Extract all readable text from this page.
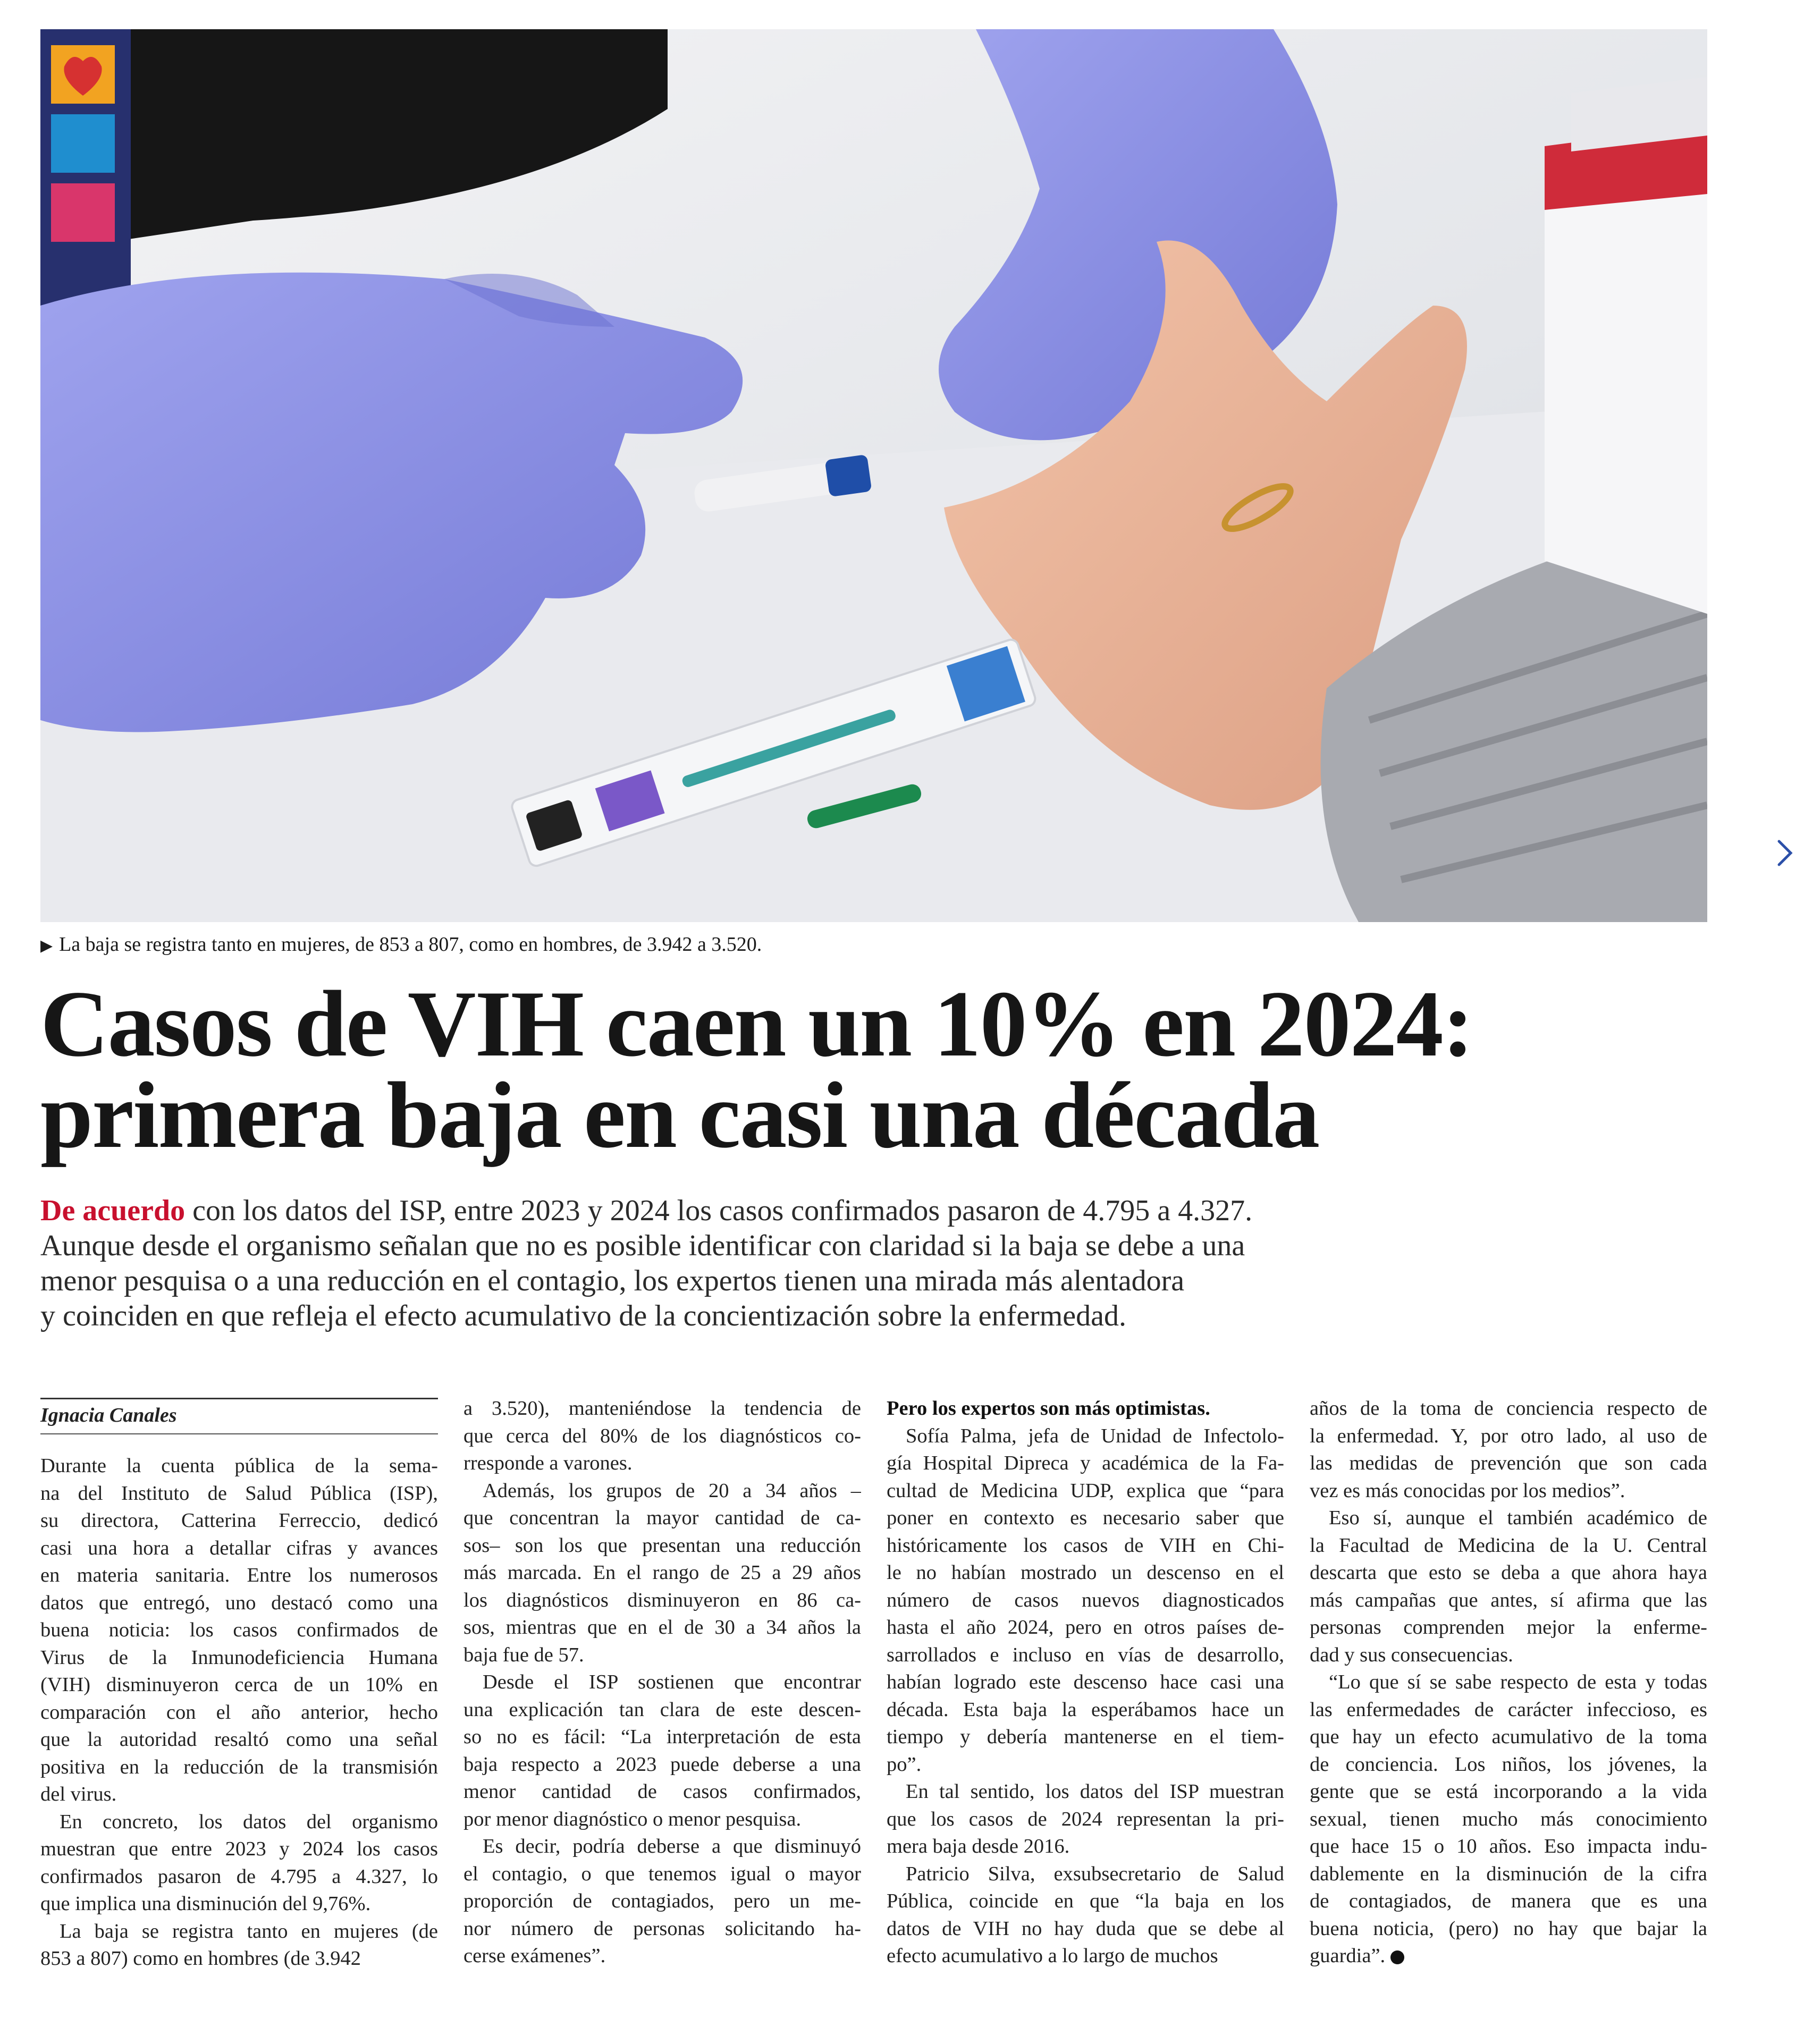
▶ La baja se registra tanto en mujeres, de 853 a 807, como en hombres, de 3.942 a 3.520.
Casos de VIH caen un 10% en 2024:
primera baja en casi una década
De acuerdo con los datos del ISP, entre 2023 y 2024 los casos confirmados pasaron de 4.795 a 4.327.
Aunque desde el organismo señalan que no es posible identificar con claridad si la baja se debe a una
menor pesquisa o a una reducción en el contagio, los expertos tienen una mirada más alentadora
y coinciden en que refleja el efecto acumulativo de la concientización sobre la enfermedad.
Ignacia Canales
Durante la cuenta pública de la sema-
na del Instituto de Salud Pública (ISP),
su directora, Catterina Ferreccio, dedicó
casi una hora a detallar cifras y avances
en materia sanitaria. Entre los numerosos
datos que entregó, uno destacó como una
buena noticia: los casos confirmados de
Virus de la Inmunodeficiencia Humana
(VIH) disminuyeron cerca de un 10% en
comparación con el año anterior, hecho
que la autoridad resaltó como una señal
positiva en la reducción de la transmisión
del virus.
En concreto, los datos del organismo
muestran que entre 2023 y 2024 los casos
confirmados pasaron de 4.795 a 4.327, lo
que implica una disminución del 9,76%.
La baja se registra tanto en mujeres (de
853 a 807) como en hombres (de 3.942
a 3.520), manteniéndose la tendencia de
que cerca del 80% de los diagnósticos co-
rresponde a varones.
Además, los grupos de 20 a 34 años –
que concentran la mayor cantidad de ca-
sos– son los que presentan una reducción
más marcada. En el rango de 25 a 29 años
los diagnósticos disminuyeron en 86 ca-
sos, mientras que en el de 30 a 34 años la
baja fue de 57.
Desde el ISP sostienen que encontrar
una explicación tan clara de este descen-
so no es fácil: “La interpretación de esta
baja respecto a 2023 puede deberse a una
menor cantidad de casos confirmados,
por menor diagnóstico o menor pesquisa.
Es decir, podría deberse a que disminuyó
el contagio, o que tenemos igual o mayor
proporción de contagiados, pero un me-
nor número de personas solicitando ha-
cerse exámenes”.
Pero los expertos son más optimistas.
Sofía Palma, jefa de Unidad de Infectolo-
gía Hospital Dipreca y académica de la Fa-
cultad de Medicina UDP, explica que “para
poner en contexto es necesario saber que
históricamente los casos de VIH en Chi-
le no habían mostrado un descenso en el
número de casos nuevos diagnosticados
hasta el año 2024, pero en otros países de-
sarrollados e incluso en vías de desarrollo,
habían logrado este descenso hace casi una
década. Esta baja la esperábamos hace un
tiempo y debería mantenerse en el tiem-
po”.
En tal sentido, los datos del ISP muestran
que los casos de 2024 representan la pri-
mera baja desde 2016.
Patricio Silva, exsubsecretario de Salud
Pública, coincide en que “la baja en los
datos de VIH no hay duda que se debe al
efecto acumulativo a lo largo de muchos
años de la toma de conciencia respecto de
la enfermedad. Y, por otro lado, al uso de
las medidas de prevención que son cada
vez es más conocidas por los medios”.
Eso sí, aunque el también académico de
la Facultad de Medicina de la U. Central
descarta que esto se deba a que ahora haya
más campañas que antes, sí afirma que las
personas comprenden mejor la enferme-
dad y sus consecuencias.
“Lo que sí se sabe respecto de esta y todas
las enfermedades de carácter infeccioso, es
que hay un efecto acumulativo de la toma
de conciencia. Los niños, los jóvenes, la
gente que se está incorporando a la vida
sexual, tienen mucho más conocimiento
que hace 15 o 10 años. Eso impacta indu-
dablemente en la disminución de la cifra
de contagiados, de manera que es una
buena noticia, (pero) no hay que bajar la
guardia”.
